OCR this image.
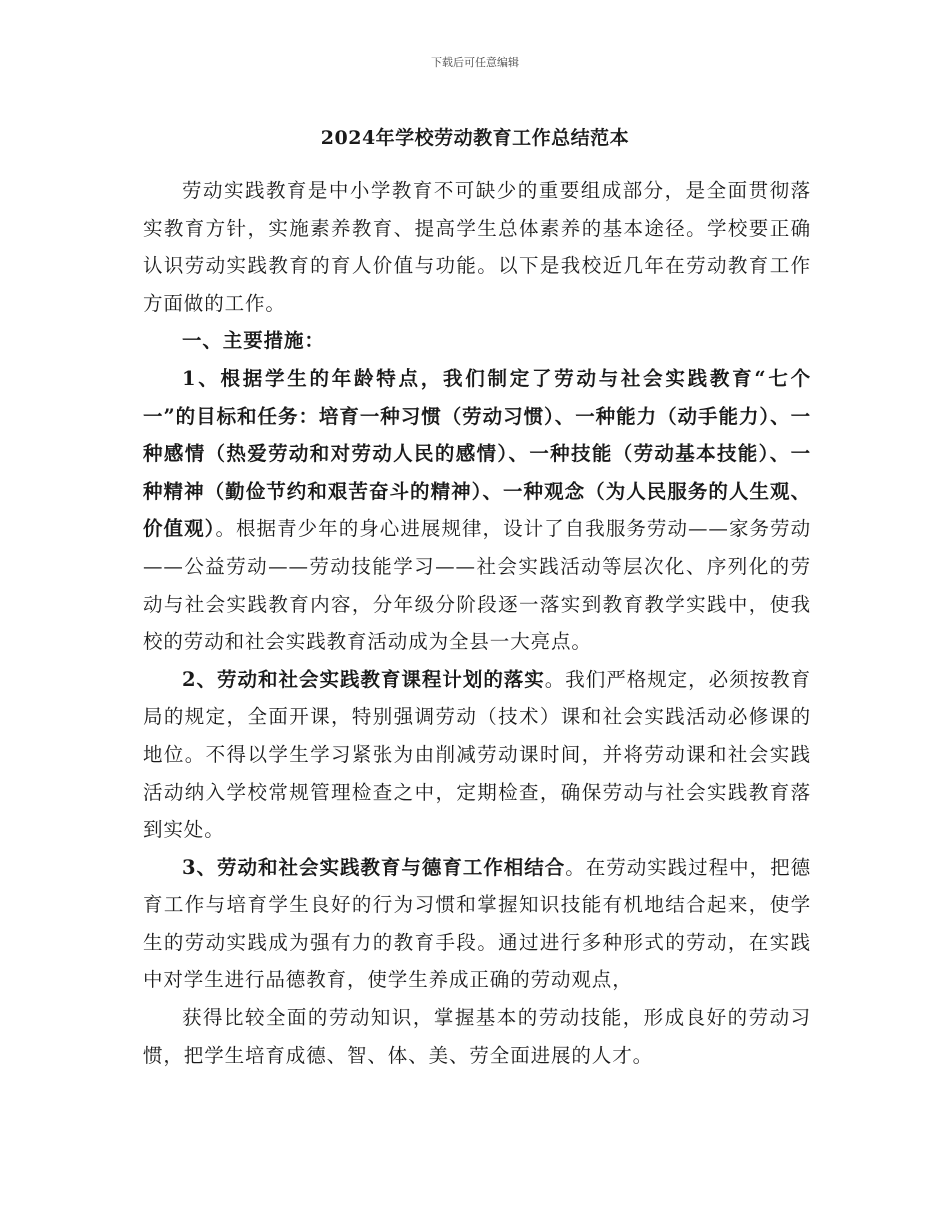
下载后可任意编辑
2024年学校劳动教育工作总结范本

劳动实践教育是中小学教育不可缺少的重要组成部分，是全面贯彻落实教育方针，实施素养教育、提高学生总体素养的基本途径。学校要正确认识劳动实践教育的育人价值与功能。以下是我校近几年在劳动教育工作方面做的工作。

一、主要措施：

1、根据学生的年龄特点，我们制定了劳动与社会实践教育“七个一”的目标和任务：培育一种习惯（劳动习惯）、一种能力（动手能力）、一种感情（热爱劳动和对劳动人民的感情）、一种技能（劳动基本技能）、一种精神（勤俭节约和艰苦奋斗的精神）、一种观念（为人民服务的人生观、价值观）。根据青少年的身心进展规律，设计了自我服务劳动——家务劳动——公益劳动——劳动技能学习——社会实践活动等层次化、序列化的劳动与社会实践教育内容，分年级分阶段逐一落实到教育教学实践中，使我校的劳动和社会实践教育活动成为全县一大亮点。

2、劳动和社会实践教育课程计划的落实。我们严格规定，必须按教育局的规定，全面开课，特别强调劳动（技术）课和社会实践活动必修课的地位。不得以学生学习紧张为由削减劳动课时间，并将劳动课和社会实践活动纳入学校常规管理检查之中，定期检查，确保劳动与社会实践教育落到实处。

3、劳动和社会实践教育与德育工作相结合。在劳动实践过程中，把德育工作与培育学生良好的行为习惯和掌握知识技能有机地结合起来，使学生的劳动实践成为强有力的教育手段。通过进行多种形式的劳动，在实践中对学生进行品德教育，使学生养成正确的劳动观点，

获得比较全面的劳动知识，掌握基本的劳动技能，形成良好的劳动习惯，把学生培育成德、智、体、美、劳全面进展的人才。
